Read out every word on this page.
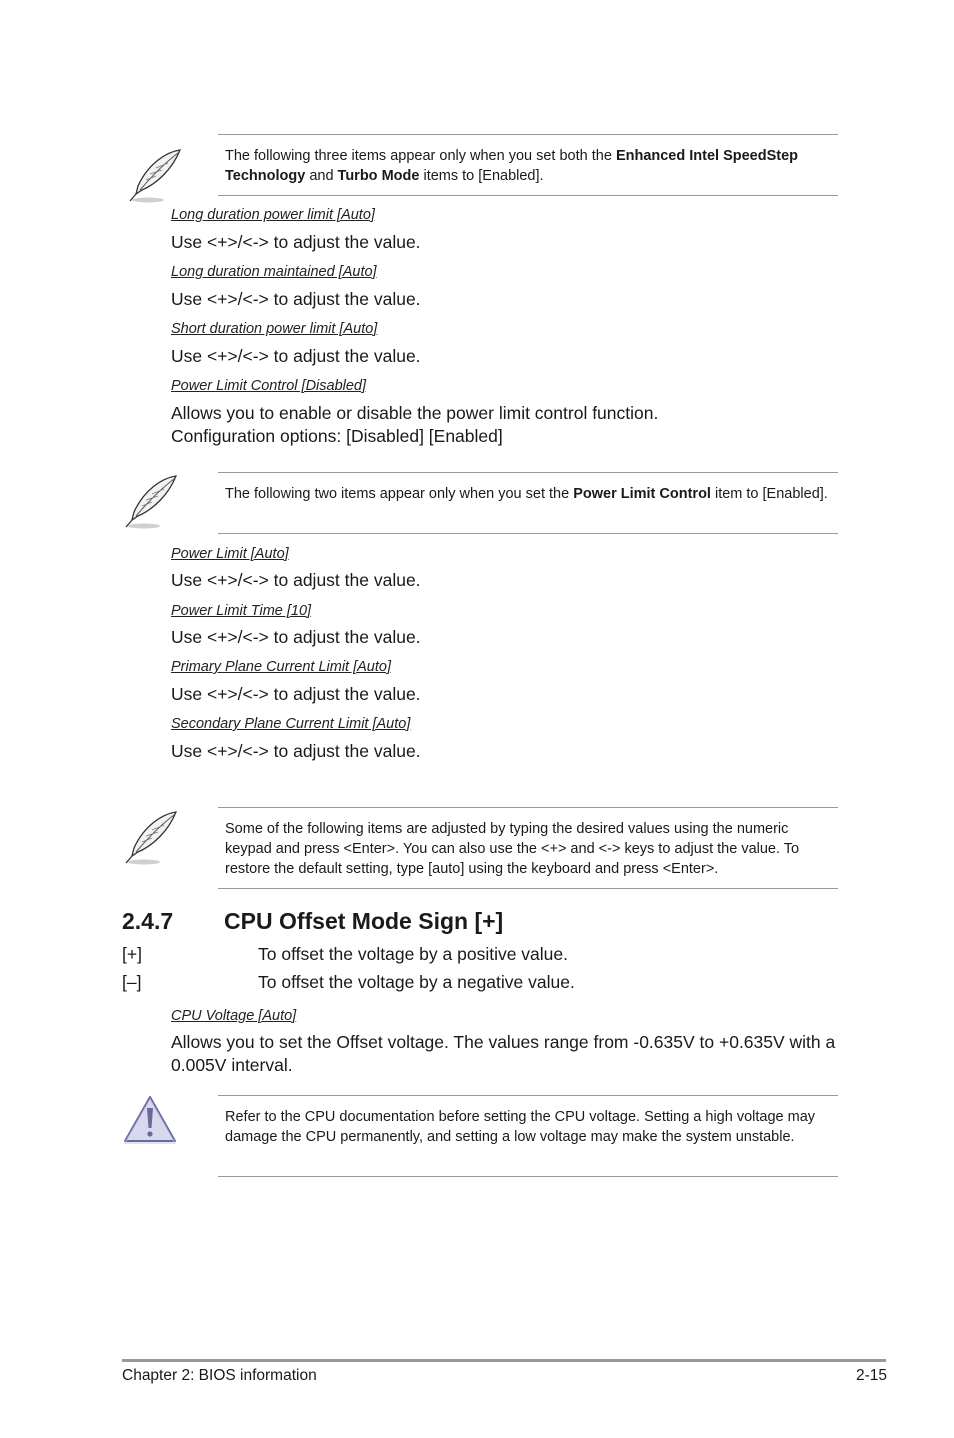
The following three items appear only when you set both the Enhanced Intel SpeedStep Technology and Turbo Mode items to [Enabled].
Long duration power limit [Auto]
Use <+>/<-> to adjust the value.
Long duration maintained [Auto]
Use <+>/<-> to adjust the value.
Short duration power limit [Auto]
Use <+>/<-> to adjust the value.
Power Limit Control [Disabled]
Allows you to enable or disable the power limit control function.
Configuration options: [Disabled] [Enabled]
The following two items appear only when you set the Power Limit Control item to [Enabled].
Power Limit [Auto]
Use <+>/<-> to adjust the value.
Power Limit Time [10]
Use <+>/<-> to adjust the value.
Primary Plane Current Limit [Auto]
Use <+>/<-> to adjust the value.
Secondary Plane Current Limit [Auto]
Use <+>/<-> to adjust the value.
Some of the following items are adjusted by typing the desired values using the numeric keypad and press <Enter>. You can also use the <+> and <-> keys to adjust the value. To restore the default setting, type [auto] using the keyboard and press <Enter>.
2.4.7 CPU Offset Mode Sign [+]
[+]	To offset the voltage by a positive value.
[–]	To offset the voltage by a negative value.
CPU Voltage [Auto]
Allows you to set the Offset voltage. The values range from -0.635V to +0.635V with a
0.005V interval.
Refer to the CPU documentation before setting the CPU voltage. Setting a high voltage may damage the CPU permanently, and setting a low voltage may make the system unstable.
Chapter 2: BIOS information	2-15
